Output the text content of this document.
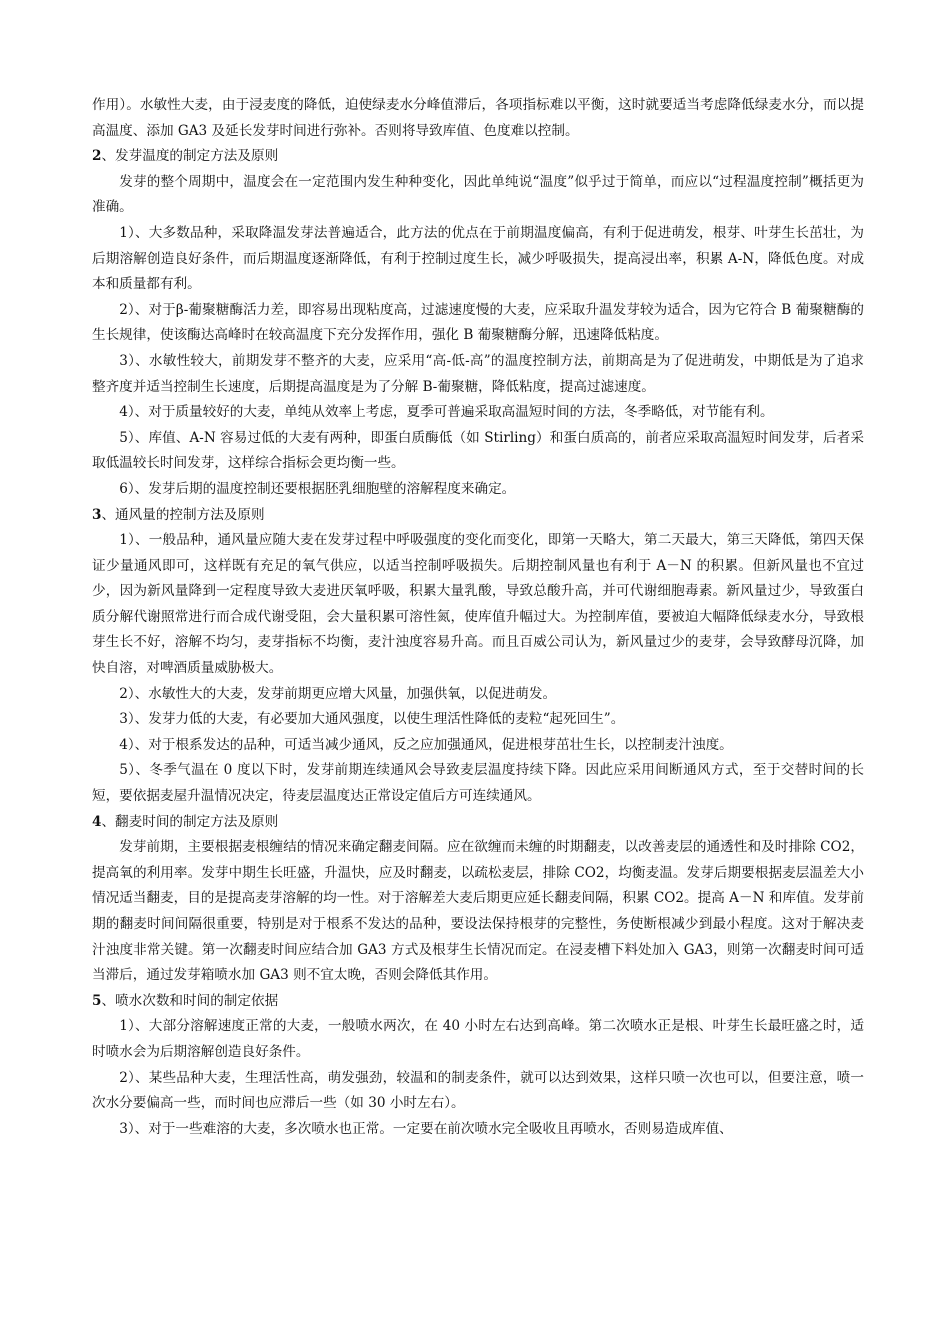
作用）。水敏性大麦，由于浸麦度的降低，迫使绿麦水分峰值滞后，各项指标难以平衡，这时就要适当考虑降低绿麦水分，而以提高温度、添加 GA3 及延长发芽时间进行弥补。否则将导致库值、色度难以控制。

2、发芽温度的制定方法及原则

发芽的整个周期中，温度会在一定范围内发生种种变化，因此单纯说“温度”似乎过于简单，而应以“过程温度控制”概括更为准确。

1）、大多数品种，采取降温发芽法普遍适合，此方法的优点在于前期温度偏高，有利于促进萌发，根芽、叶芽生长茁壮，为后期溶解创造良好条件，而后期温度逐渐降低，有利于控制过度生长，减少呼吸损失，提高浸出率，积累 A-N，降低色度。对成本和质量都有利。

2）、对于β-葡聚糖酶活力差，即容易出现粘度高，过滤速度慢的大麦，应采取升温发芽较为适合，因为它符合 B 葡聚糖酶的生长规律，使该酶达高峰时在较高温度下充分发挥作用，强化 B 葡聚糖酶分解，迅速降低粘度。

3）、水敏性较大，前期发芽不整齐的大麦，应采用“高-低-高”的温度控制方法，前期高是为了促进萌发，中期低是为了追求整齐度并适当控制生长速度，后期提高温度是为了分解 B-葡聚糖，降低粘度，提高过滤速度。

4）、对于质量较好的大麦，单纯从效率上考虑，夏季可普遍采取高温短时间的方法，冬季略低，对节能有利。

5）、库值、A-N 容易过低的大麦有两种，即蛋白质酶低（如 Stirling）和蛋白质高的，前者应采取高温短时间发芽，后者采取低温较长时间发芽，这样综合指标会更均衡一些。

6）、发芽后期的温度控制还要根据胚乳细胞壁的溶解程度来确定。

3、通风量的控制方法及原则

1）、一般品种，通风量应随大麦在发芽过程中呼吸强度的变化而变化，即第一天略大，第二天最大，第三天降低，第四天保证少量通风即可，这样既有充足的氧气供应，以适当控制呼吸损失。后期控制风量也有利于 A－N 的积累。但新风量也不宜过少，因为新风量降到一定程度导致大麦进厌氧呼吸，积累大量乳酸，导致总酸升高，并可代谢细胞毒素。新风量过少，导致蛋白质分解代谢照常进行而合成代谢受阻，会大量积累可溶性氮，使库值升幅过大。为控制库值，要被迫大幅降低绿麦水分，导致根芽生长不好，溶解不均匀，麦芽指标不均衡，麦汁浊度容易升高。而且百威公司认为，新风量过少的麦芽，会导致酵母沉降，加快自溶，对啤酒质量威胁极大。

2）、水敏性大的大麦，发芽前期更应增大风量，加强供氧，以促进萌发。

3）、发芽力低的大麦，有必要加大通风强度，以使生理活性降低的麦粒“起死回生”。

4）、对于根系发达的品种，可适当减少通风，反之应加强通风，促进根芽茁壮生长，以控制麦汁浊度。

5）、冬季气温在 0 度以下时，发芽前期连续通风会导致麦层温度持续下降。因此应采用间断通风方式，至于交替时间的长短，要依据麦屋升温情况决定，待麦层温度达正常设定值后方可连续通风。

4、翻麦时间的制定方法及原则

发芽前期，主要根据麦根缠结的情况来确定翻麦间隔。应在欲缠而未缠的时期翻麦，以改善麦层的通透性和及时排除 CO2，提高氧的利用率。发芽中期生长旺盛，升温快，应及时翻麦，以疏松麦层，排除 CO2，均衡麦温。发芽后期要根据麦层温差大小情况适当翻麦，目的是提高麦芽溶解的均一性。对于溶解差大麦后期更应延长翻麦间隔，积累 CO2。提高 A－N 和库值。发芽前期的翻麦时间间隔很重要，特别是对于根系不发达的品种，要设法保持根芽的完整性，务使断根减少到最小程度。这对于解决麦汁浊度非常关键。第一次翻麦时间应结合加 GA3 方式及根芽生长情况而定。在浸麦槽下料处加入 GA3，则第一次翻麦时间可适当滞后，通过发芽箱喷水加 GA3 则不宜太晚，否则会降低其作用。

5、喷水次数和时间的制定依据

1）、大部分溶解速度正常的大麦，一般喷水两次，在 40 小时左右达到高峰。第二次喷水正是根、叶芽生长最旺盛之时，适时喷水会为后期溶解创造良好条件。

2）、某些品种大麦，生理活性高，萌发强劲，较温和的制麦条件，就可以达到效果，这样只喷一次也可以，但要注意，喷一次水分要偏高一些，而时间也应滞后一些（如 30 小时左右）。

3）、对于一些难溶的大麦，多次喷水也正常。一定要在前次喷水完全吸收且再喷水，否则易造成库值、
